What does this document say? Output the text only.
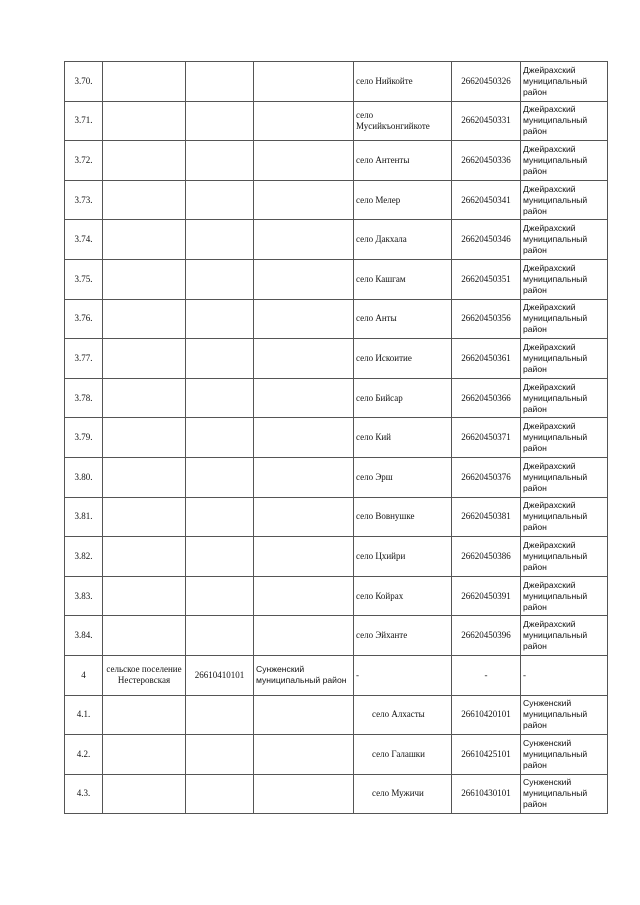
3.70.				село Нийкойте	26620450326	Джейрахский муниципальный район
3.71.				село Мусийкъонгийкоте	26620450331	Джейрахский муниципальный район
3.72.				село Антенты	26620450336	Джейрахский муниципальный район
3.73.				село Мелер	26620450341	Джейрахский муниципальный район
3.74.				село Дакхала	26620450346	Джейрахский муниципальный район
3.75.				село Кашгам	26620450351	Джейрахский муниципальный район
3.76.				село Анты	26620450356	Джейрахский муниципальный район
3.77.				село Искоитие	26620450361	Джейрахский муниципальный район
3.78.				село Бийсар	26620450366	Джейрахский муниципальный район
3.79.				село Кий	26620450371	Джейрахский муниципальный район
3.80.				село Эрш	26620450376	Джейрахский муниципальный район
3.81.				село Вовнушке	26620450381	Джейрахский муниципальный район
3.82.				село Цхийри	26620450386	Джейрахский муниципальный район
3.83.				село Койрах	26620450391	Джейрахский муниципальный район
3.84.				село Эйханте	26620450396	Джейрахский муниципальный район
4	сельское поселение Нестеровская	26610410101	Сунженский муниципальный район	-	-	-
4.1.				село Алхасты	26610420101	Сунженский муниципальный район
4.2.				село Галашки	26610425101	Сунженский муниципальный район
4.3.				село Мужичи	26610430101	Сунженский муниципальный район
